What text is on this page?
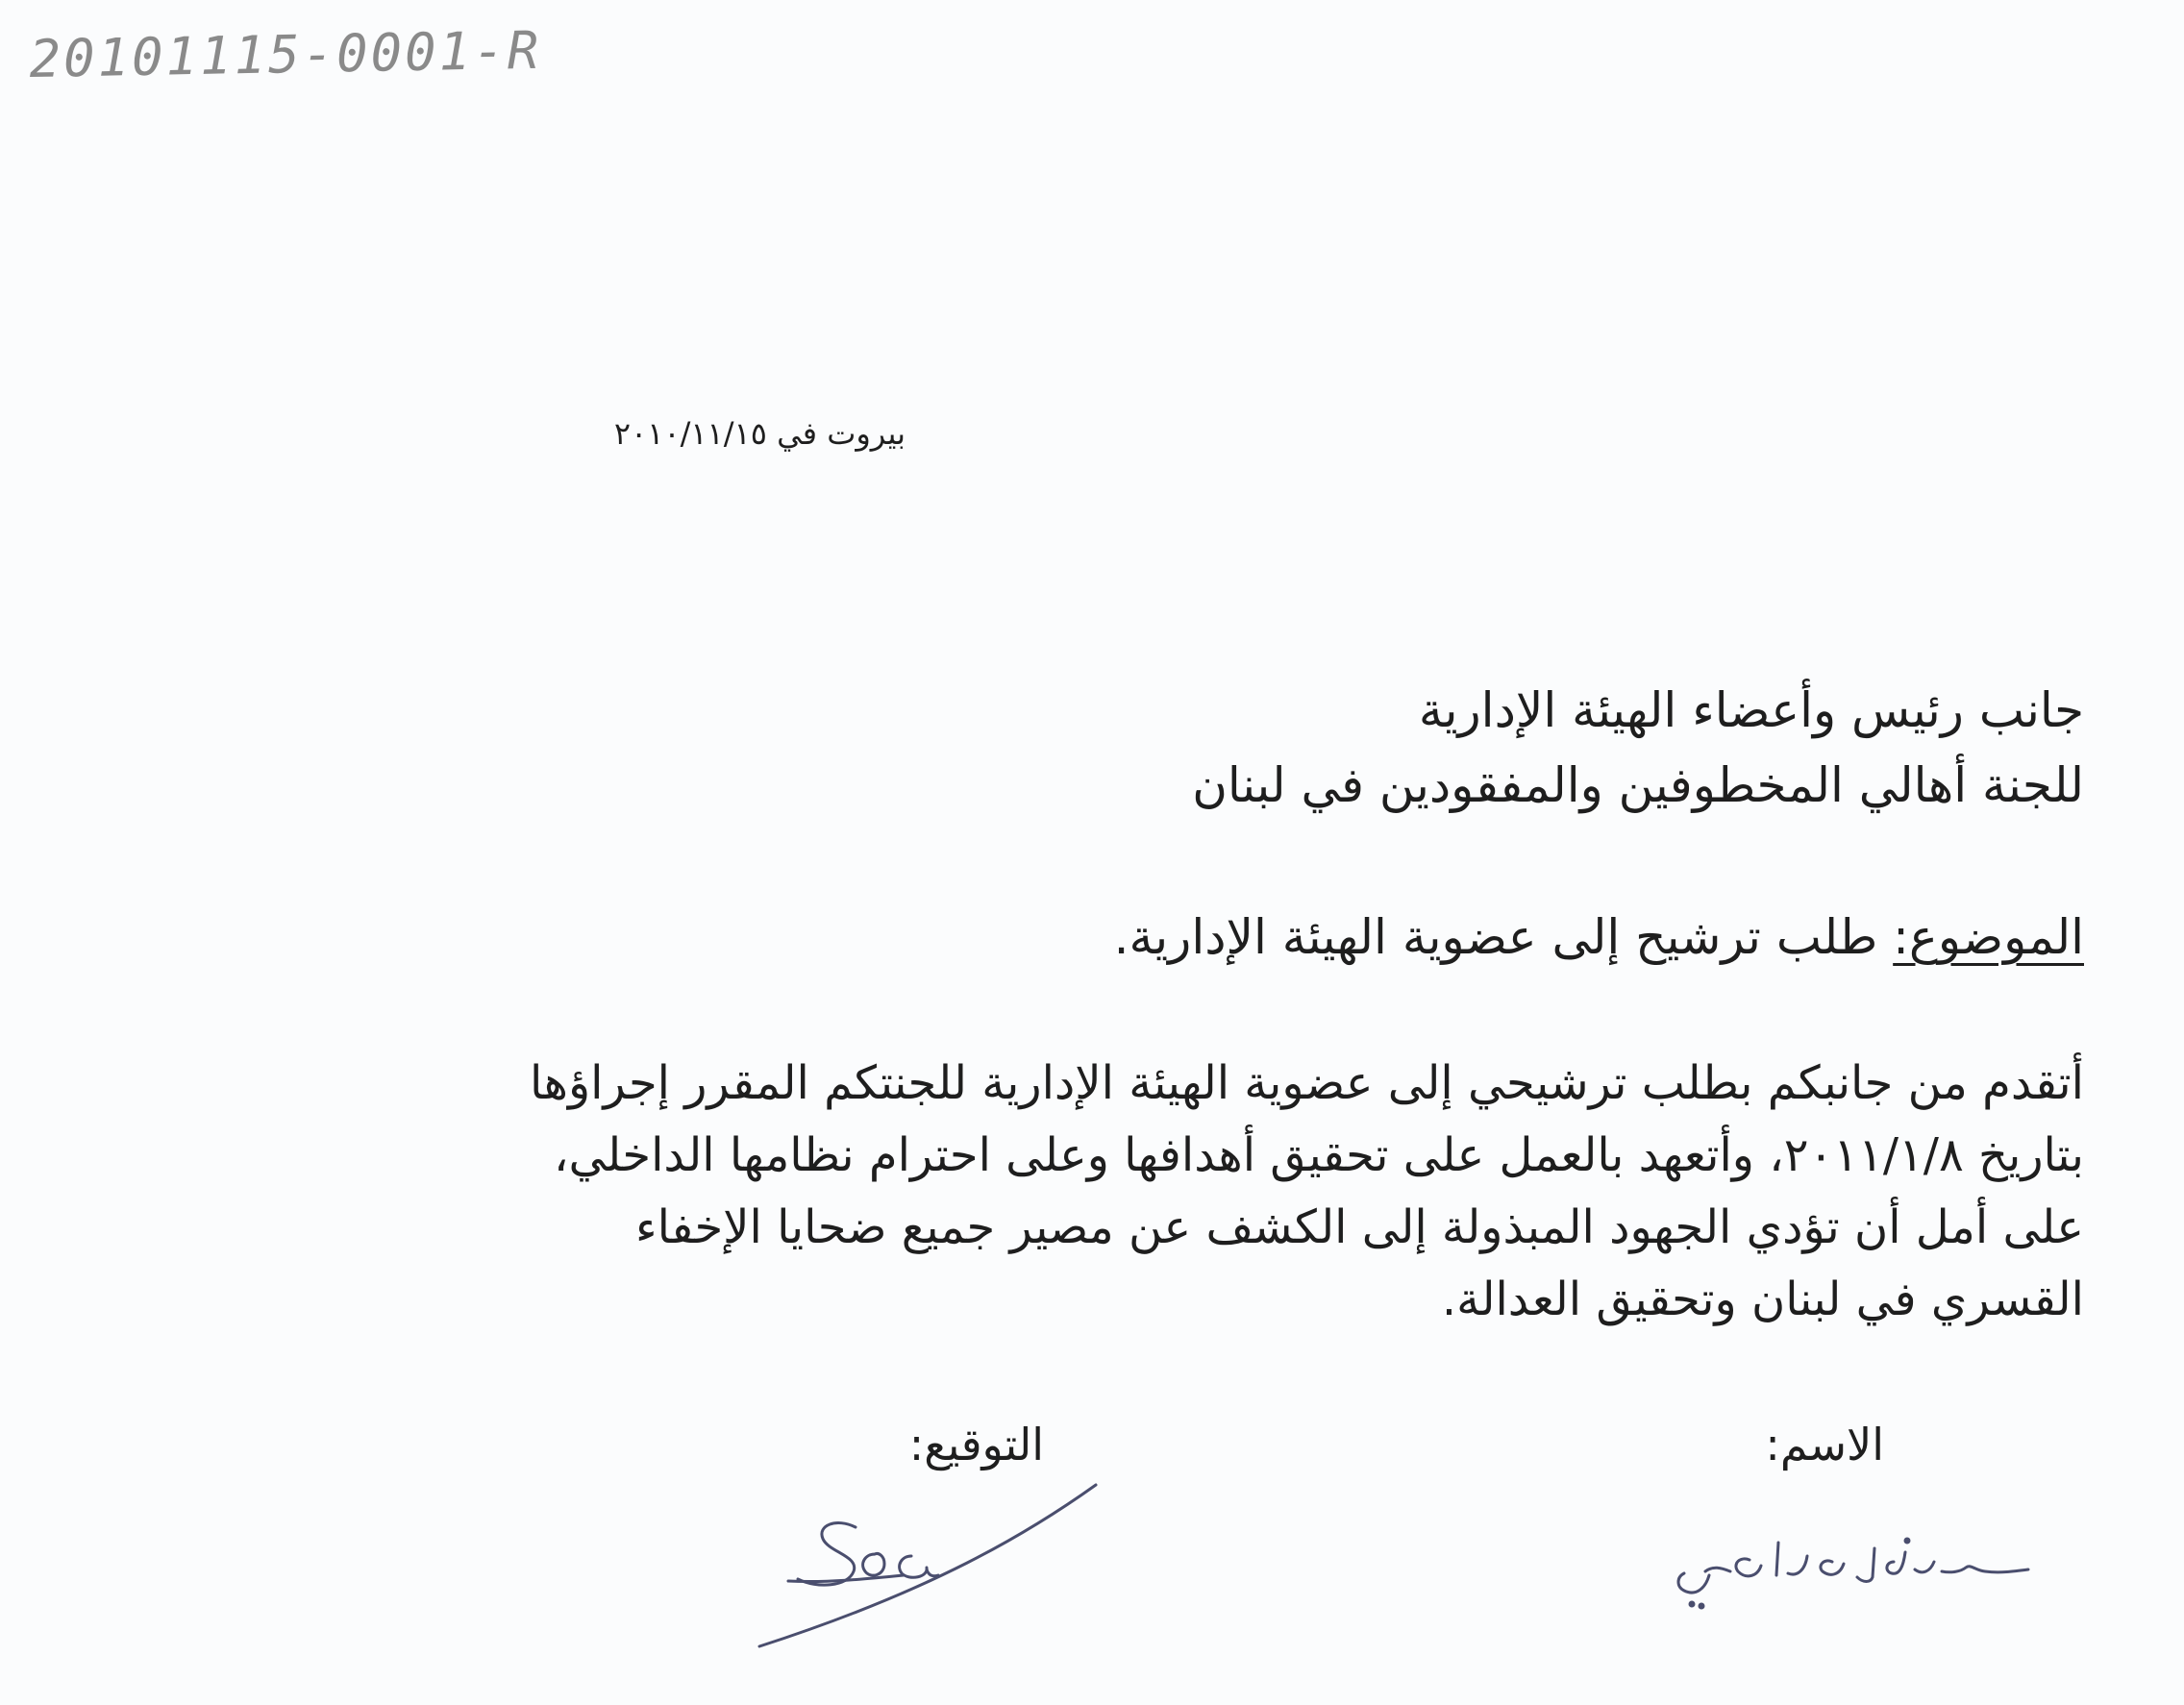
20101115-0001-R
بيروت في ٢٠١٠/١١/١٥
جانب رئيس وأعضاء الهيئة الإدارية
للجنة أهالي المخطوفين والمفقودين في لبنان
الموضوع: طلب ترشيح إلى عضوية الهيئة الإدارية.

أتقدم من جانبكم بطلب ترشيحي إلى عضوية الهيئة الإدارية للجنتكم المقرر إجراؤها

بتاريخ ٢٠١١/١/٨، وأتعهد بالعمل على تحقيق أهدافها وعلى احترام نظامها الداخلي،

على أمل أن تؤدي الجهود المبذولة إلى الكشف عن مصير جميع ضحايا الإخفاء

القسري في لبنان وتحقيق العدالة.

الاسم:
التوقيع:
